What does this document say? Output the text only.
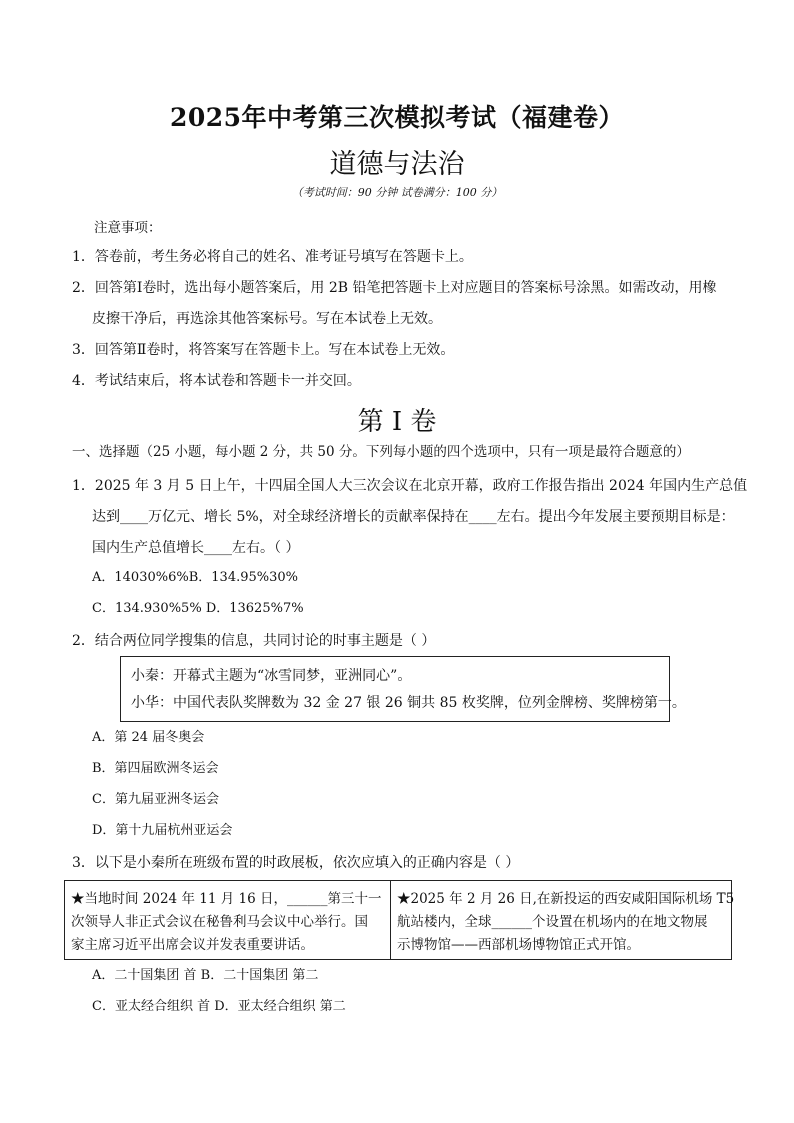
2025年中考第三次模拟考试（福建卷）
道德与法治
（考试时间：90 分钟 试卷满分：100 分）
注意事项：
1．答卷前，考生务必将自己的姓名、准考证号填写在答题卡上。
2．回答第Ⅰ卷时，选出每小题答案后，用 2B 铅笔把答题卡上对应题目的答案标号涂黑。如需改动，用橡
皮擦干净后，再选涂其他答案标号。写在本试卷上无效。
3．回答第Ⅱ卷时，将答案写在答题卡上。写在本试卷上无效。
4．考试结束后，将本试卷和答题卡一并交回。
第 I 卷
一、选择题（25 小题，每小题 2 分，共 50 分。下列每小题的四个选项中，只有一项是最符合题意的）
1．2025 年 3 月 5 日上午，十四届全国人大三次会议在北京开幕，政府工作报告指出 2024 年国内生产总值
达到____万亿元、增长 5%，对全球经济增长的贡献率保持在____左右。提出今年发展主要预期目标是：
国内生产总值增长____左右。（ ）
A．14030%6%B．134.95%30%
C．134.930%5% D．13625%7%
2．结合两位同学搜集的信息，共同讨论的时事主题是（ ）
小秦：开幕式主题为“冰雪同梦，亚洲同心”。
小华：中国代表队奖牌数为 32 金 27 银 26 铜共 85 枚奖牌，位列金牌榜、奖牌榜第一。
A．第 24 届冬奥会
B．第四届欧洲冬运会
C．第九届亚洲冬运会
D．第十九届杭州亚运会
3．以下是小秦所在班级布置的时政展板，依次应填入的正确内容是（ ）
★当地时间 2024 年 11 月 16 日，______第三十一
次领导人非正式会议在秘鲁利马会议中心举行。国
家主席习近平出席会议并发表重要讲话。
★2025 年 2 月 26 日,在新投运的西安咸阳国际机场 T5
航站楼内，全球______个设置在机场内的在地文物展
示博物馆——西部机场博物馆正式开馆。
A．二十国集团 首 B．二十国集团 第二
C．亚太经合组织 首 D．亚太经合组织 第二
